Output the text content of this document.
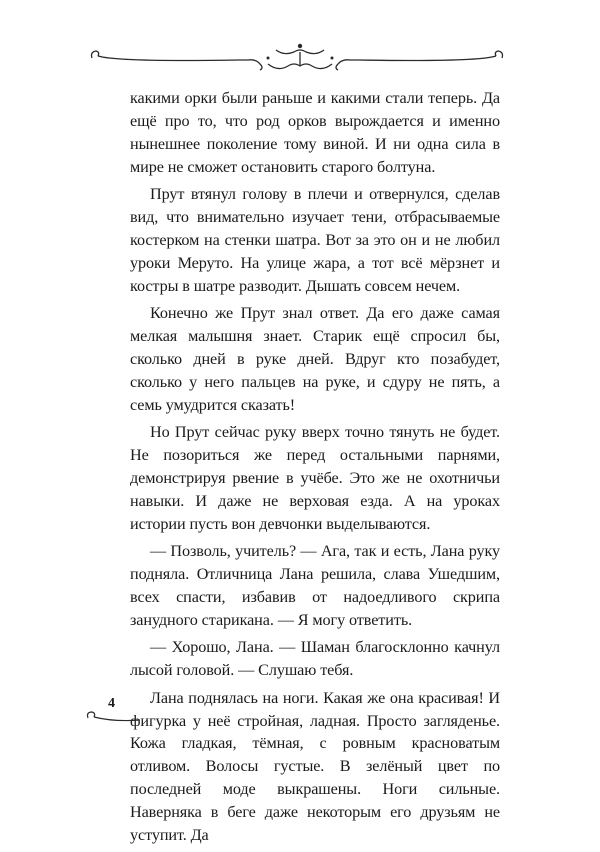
какими орки были раньше и какими стали теперь. Да ещё про то, что род орков вырождается и именно нынешнее поколение тому виной. И ни одна сила в мире не сможет остановить старого болтуна.

Прут втянул голову в плечи и отвернулся, сделав вид, что внимательно изучает тени, отбрасываемые костерком на стенки шатра. Вот за это он и не любил уроки Меруто. На улице жара, а тот всё мёрзнет и костры в шатре разводит. Дышать совсем нечем.

Конечно же Прут знал ответ. Да его даже самая мелкая малышня знает. Старик ещё спросил бы, сколько дней в руке дней. Вдруг кто позабудет, сколько у него пальцев на руке, и сдуру не пять, а семь умудрится сказать!

Но Прут сейчас руку вверх точно тянуть не будет. Не позориться же перед остальными парнями, демонстрируя рвение в учёбе. Это же не охотничьи навыки. И даже не верховая езда. А на уроках истории пусть вон девчонки выделываются.

— Позволь, учитель? — Ага, так и есть, Лана руку подняла. Отличница Лана решила, слава Ушедшим, всех спасти, избавив от надоедливого скрипа занудного старикана. — Я могу ответить.

— Хорошо, Лана. — Шаман благосклонно качнул лысой головой. — Слушаю тебя.

Лана поднялась на ноги. Какая же она красивая! И фигурка у неё стройная, ладная. Просто загляденье. Кожа гладкая, тёмная, с ровным красноватым отливом. Волосы густые. В зелёный цвет по последней моде выкрашены. Ноги сильные. Наверняка в беге даже некоторым его друзьям не уступит. Да

4
